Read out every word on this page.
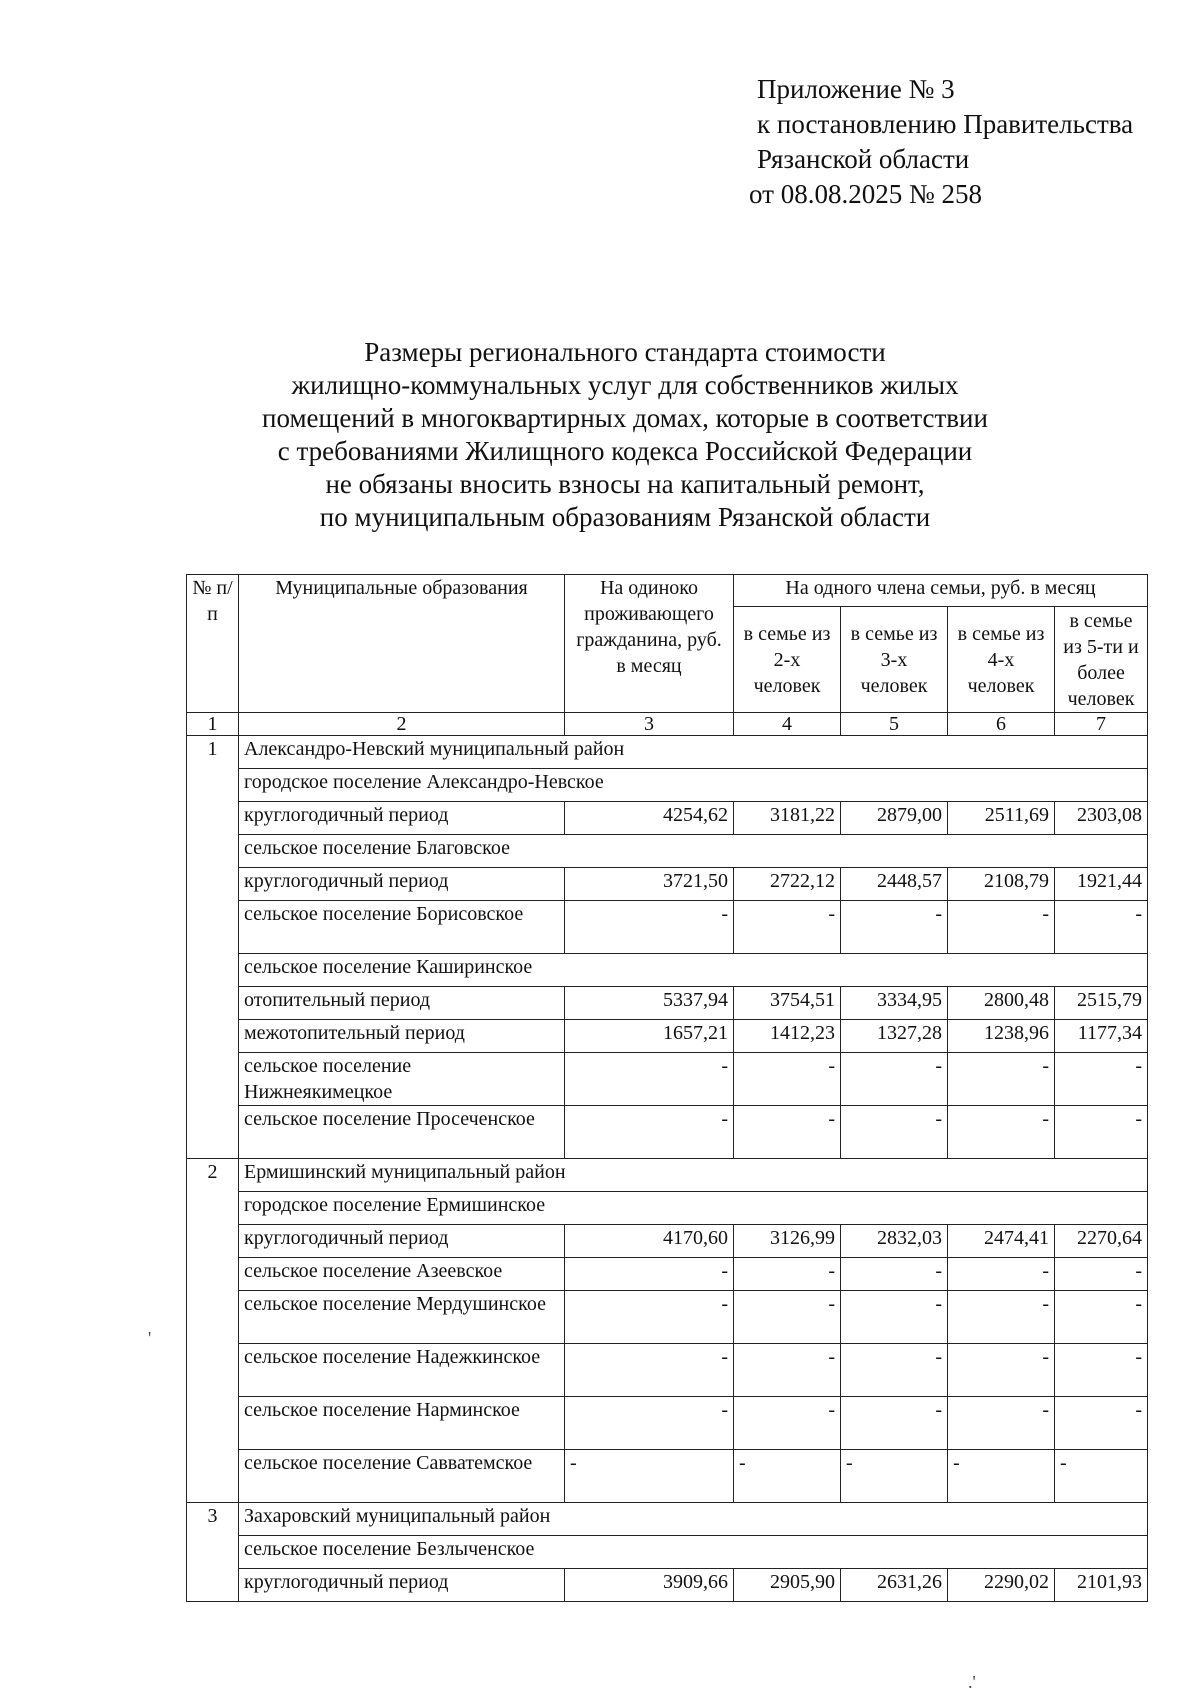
Приложение № 3
к постановлению Правительства
Рязанской области
от 08.08.2025 № 258
Размеры регионального стандарта стоимости
жилищно-коммунальных услуг для собственников жилых
помещений в многоквартирных домах, которые в соответствии
с требованиями Жилищного кодекса Российской Федерации
не обязаны вносить взносы на капитальный ремонт,
по муниципальным образованиям Рязанской области
№ п/п	Муниципальные образования	На одиноко проживающего гражданина, руб. в месяц	На одного члена семьи, руб. в месяц			
			в семье из 2-х человек	в семье из 3-х человек	в семье из 4-х человек	в семье из 5-ти и более человек
1	2	3	4	5	6	7
1	Александро-Невский муниципальный район					
	городское поселение Александро-Невское					
	круглогодичный период	4254,62	3181,22	2879,00	2511,69	2303,08
	сельское поселение Благовское					
	круглогодичный период	3721,50	2722,12	2448,57	2108,79	1921,44
	сельское поселение Борисовское	-	-	-	-	-
	сельское поселение Каширинское					
	отопительный период	5337,94	3754,51	3334,95	2800,48	2515,79
	межотопительный период	1657,21	1412,23	1327,28	1238,96	1177,34
	сельское поселение Нижнеякимецкое	-	-	-	-	-
	сельское поселение Просеченское	-	-	-	-	-
2	Ермишинский муниципальный район					
	городское поселение Ермишинское					
	круглогодичный период	4170,60	3126,99	2832,03	2474,41	2270,64
	сельское поселение Азеевское	-	-	-	-	-
	сельское поселение Мердушинское	-	-	-	-	-
	сельское поселение Надежкинское	-	-	-	-	-
	сельское поселение Нарминское	-	-	-	-	-
	сельское поселение Савватемское	-	-	-	-	-
3	Захаровский муниципальный район					
	сельское поселение Безлыченское					
	круглогодичный период	3909,66	2905,90	2631,26	2290,02	2101,93
'
.'
